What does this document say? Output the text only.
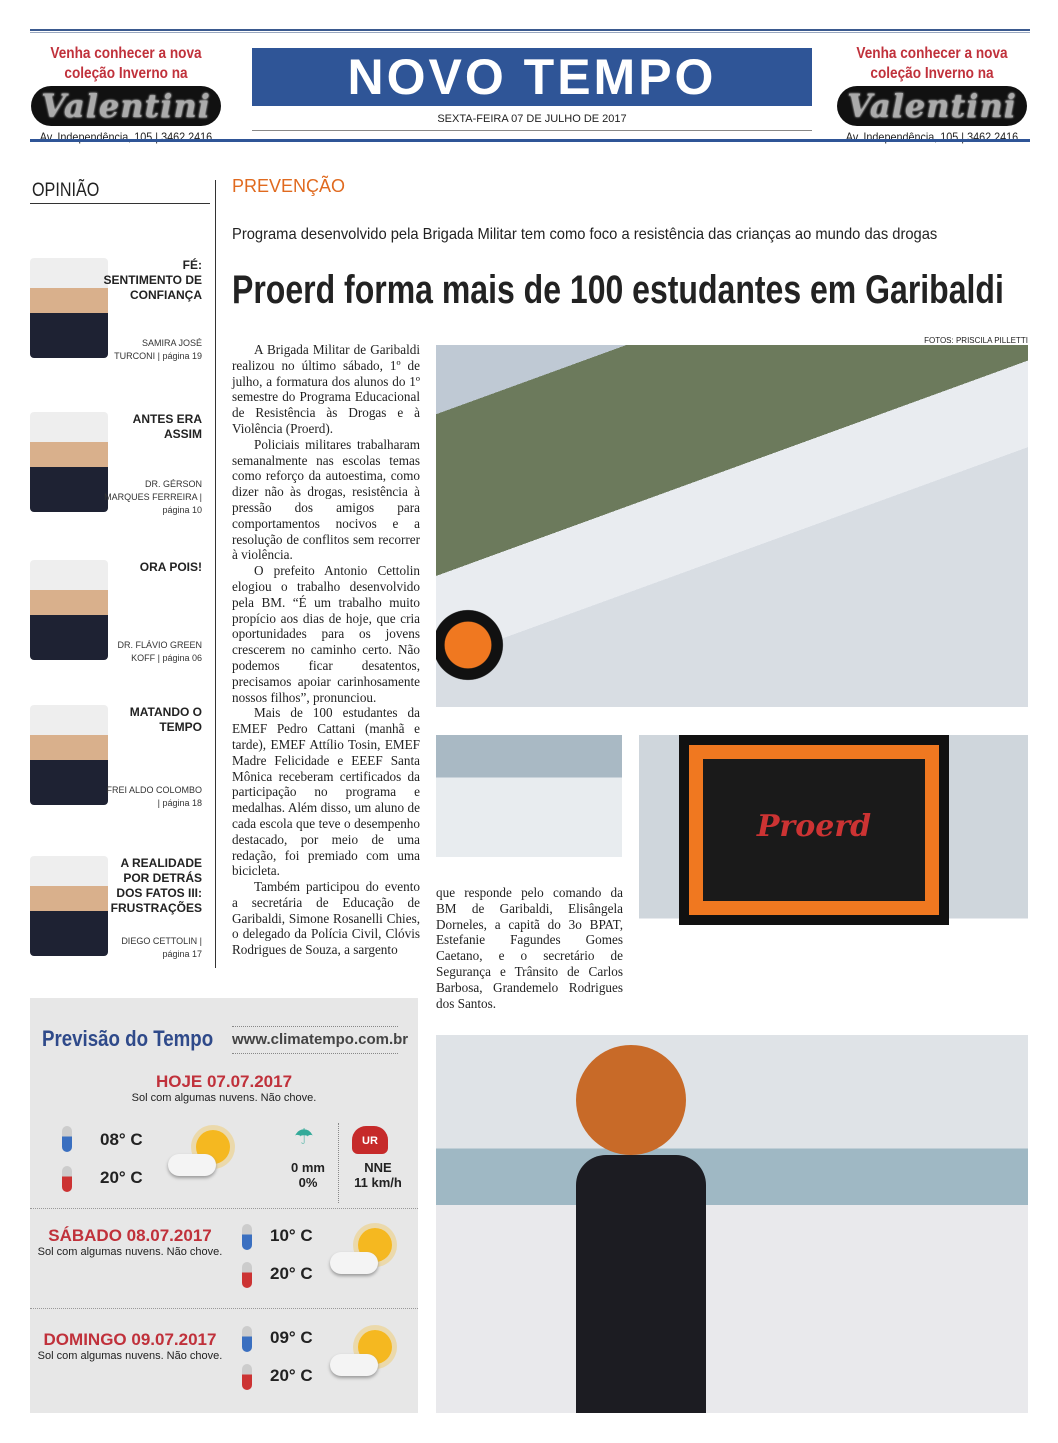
Venha conhecer a nova
coleção Inverno na
Valentini
Av. Independência, 105 | 3462 2416
Venha conhecer a nova
coleção Inverno na
Valentini
Av. Independência, 105 | 3462 2416
NOVO TEMPO
SEXTA-FEIRA 07 DE JULHO DE 2017
OPINIÃO
FÉ: SENTIMENTO DE CONFIANÇA
SAMIRA JOSÉ TURCONI | página 19
ANTES ERA ASSIM
DR. GÉRSON MARQUES FERREIRA | página 10
ORA POIS!
DR. FLÁVIO GREEN KOFF | página 06
MATANDO O TEMPO
FREI ALDO COLOMBO | página 18
A REALIDADE POR DETRÁS DOS FATOS III: FRUSTRAÇÕES
DIEGO CETTOLIN | página 17
Previsão do Tempo www.climatempo.com.br
HOJE 07.07.2017
Sol com algumas nuvens. Não chove.
08° C
20° C
☂
0 mm
0%
UR
NNE
11 km/h
SÁBADO 08.07.2017
Sol com algumas nuvens. Não chove.
10° C
20° C
DOMINGO 09.07.2017
Sol com algumas nuvens. Não chove.
09° C
20° C
PREVENÇÃO
Programa desenvolvido pela Brigada Militar tem como foco a resistência das crianças ao mundo das drogas
Proerd forma mais de 100 estudantes em Garibaldi
FOTOS: PRISCILA PILLETTI

A Brigada Militar de Garibaldi realizou no último sábado, 1º de julho, a formatura dos alunos do 1º semestre do Programa Educacional de Resistência às Drogas e à Violência (Proerd).

Policiais militares trabalharam semanalmente nas escolas temas como reforço da autoestima, como dizer não às drogas, resistência à pressão dos amigos para comportamentos nocivos e a resolução de conflitos sem recorrer à violência.

O prefeito Antonio Cettolin elogiou o trabalho desenvolvido pela BM. “É um trabalho muito propício aos dias de hoje, que cria oportunidades para os jovens crescerem no caminho certo. Não podemos ficar desatentos, precisamos apoiar carinhosamente nossos filhos”, pronunciou.

Mais de 100 estudantes da EMEF Pedro Cattani (manhã e tarde), EMEF Attílio Tosin, EMEF Madre Felicidade e EEEF Santa Mônica receberam certificados da participação no programa e medalhas. Além disso, um aluno de cada escola que teve o desempenho destacado, por meio de uma redação, foi premiado com uma bicicleta.

Também participou do evento a secretária de Educação de Garibaldi, Simone Rosanelli Chies, o delegado da Polícia Civil, Clóvis Rodrigues de Souza, a sargento

que responde pelo comando da BM de Garibaldi, Elisângela Dorneles, a capitã do 3o BPAT, Estefanie Fagundes Gomes Caetano, e o secretário de Segurança e Trânsito de Carlos Barbosa, Grandemelo Rodrigues dos Santos.
Proerd
